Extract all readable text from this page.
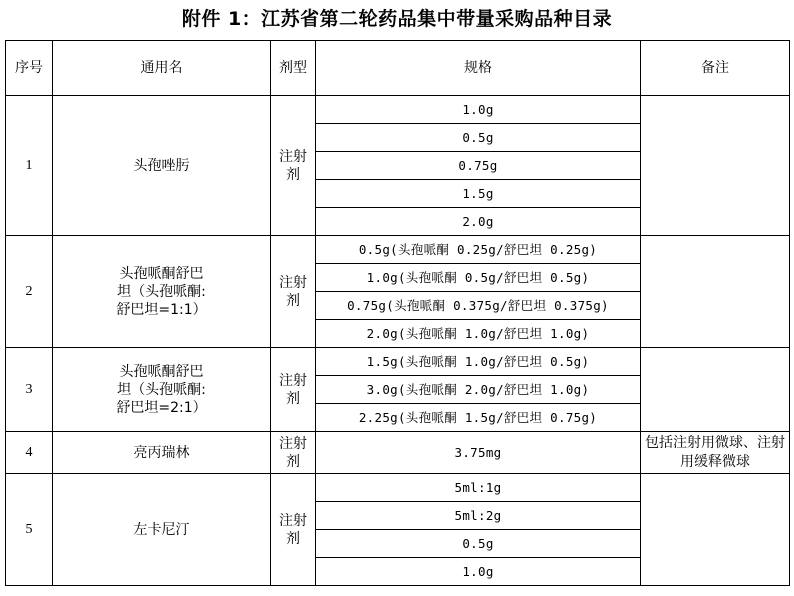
附件 1：江苏省第二轮药品集中带量采购品种目录
序号	通用名	剂型	规格	备注
1	头孢唑肟	注射剂	1.0g	
			0.5g	
			0.75g	
			1.5g	
			2.0g	
2	头孢哌酮舒巴坦（头孢哌酮:舒巴坦=1:1）	注射剂	0.5g(头孢哌酮 0.25g/舒巴坦 0.25g)	
			1.0g(头孢哌酮 0.5g/舒巴坦 0.5g)	
			0.75g(头孢哌酮 0.375g/舒巴坦 0.375g)	
			2.0g(头孢哌酮 1.0g/舒巴坦 1.0g)	
3	头孢哌酮舒巴坦（头孢哌酮:舒巴坦=2:1）	注射剂	1.5g(头孢哌酮 1.0g/舒巴坦 0.5g)	
			3.0g(头孢哌酮 2.0g/舒巴坦 1.0g)	
			2.25g(头孢哌酮 1.5g/舒巴坦 0.75g)	
4	亮丙瑞林	注射剂	3.75mg	包括注射用微球、注射用缓释微球
5	左卡尼汀	注射剂	5ml:1g	
			5ml:2g	
			0.5g	
			1.0g	
